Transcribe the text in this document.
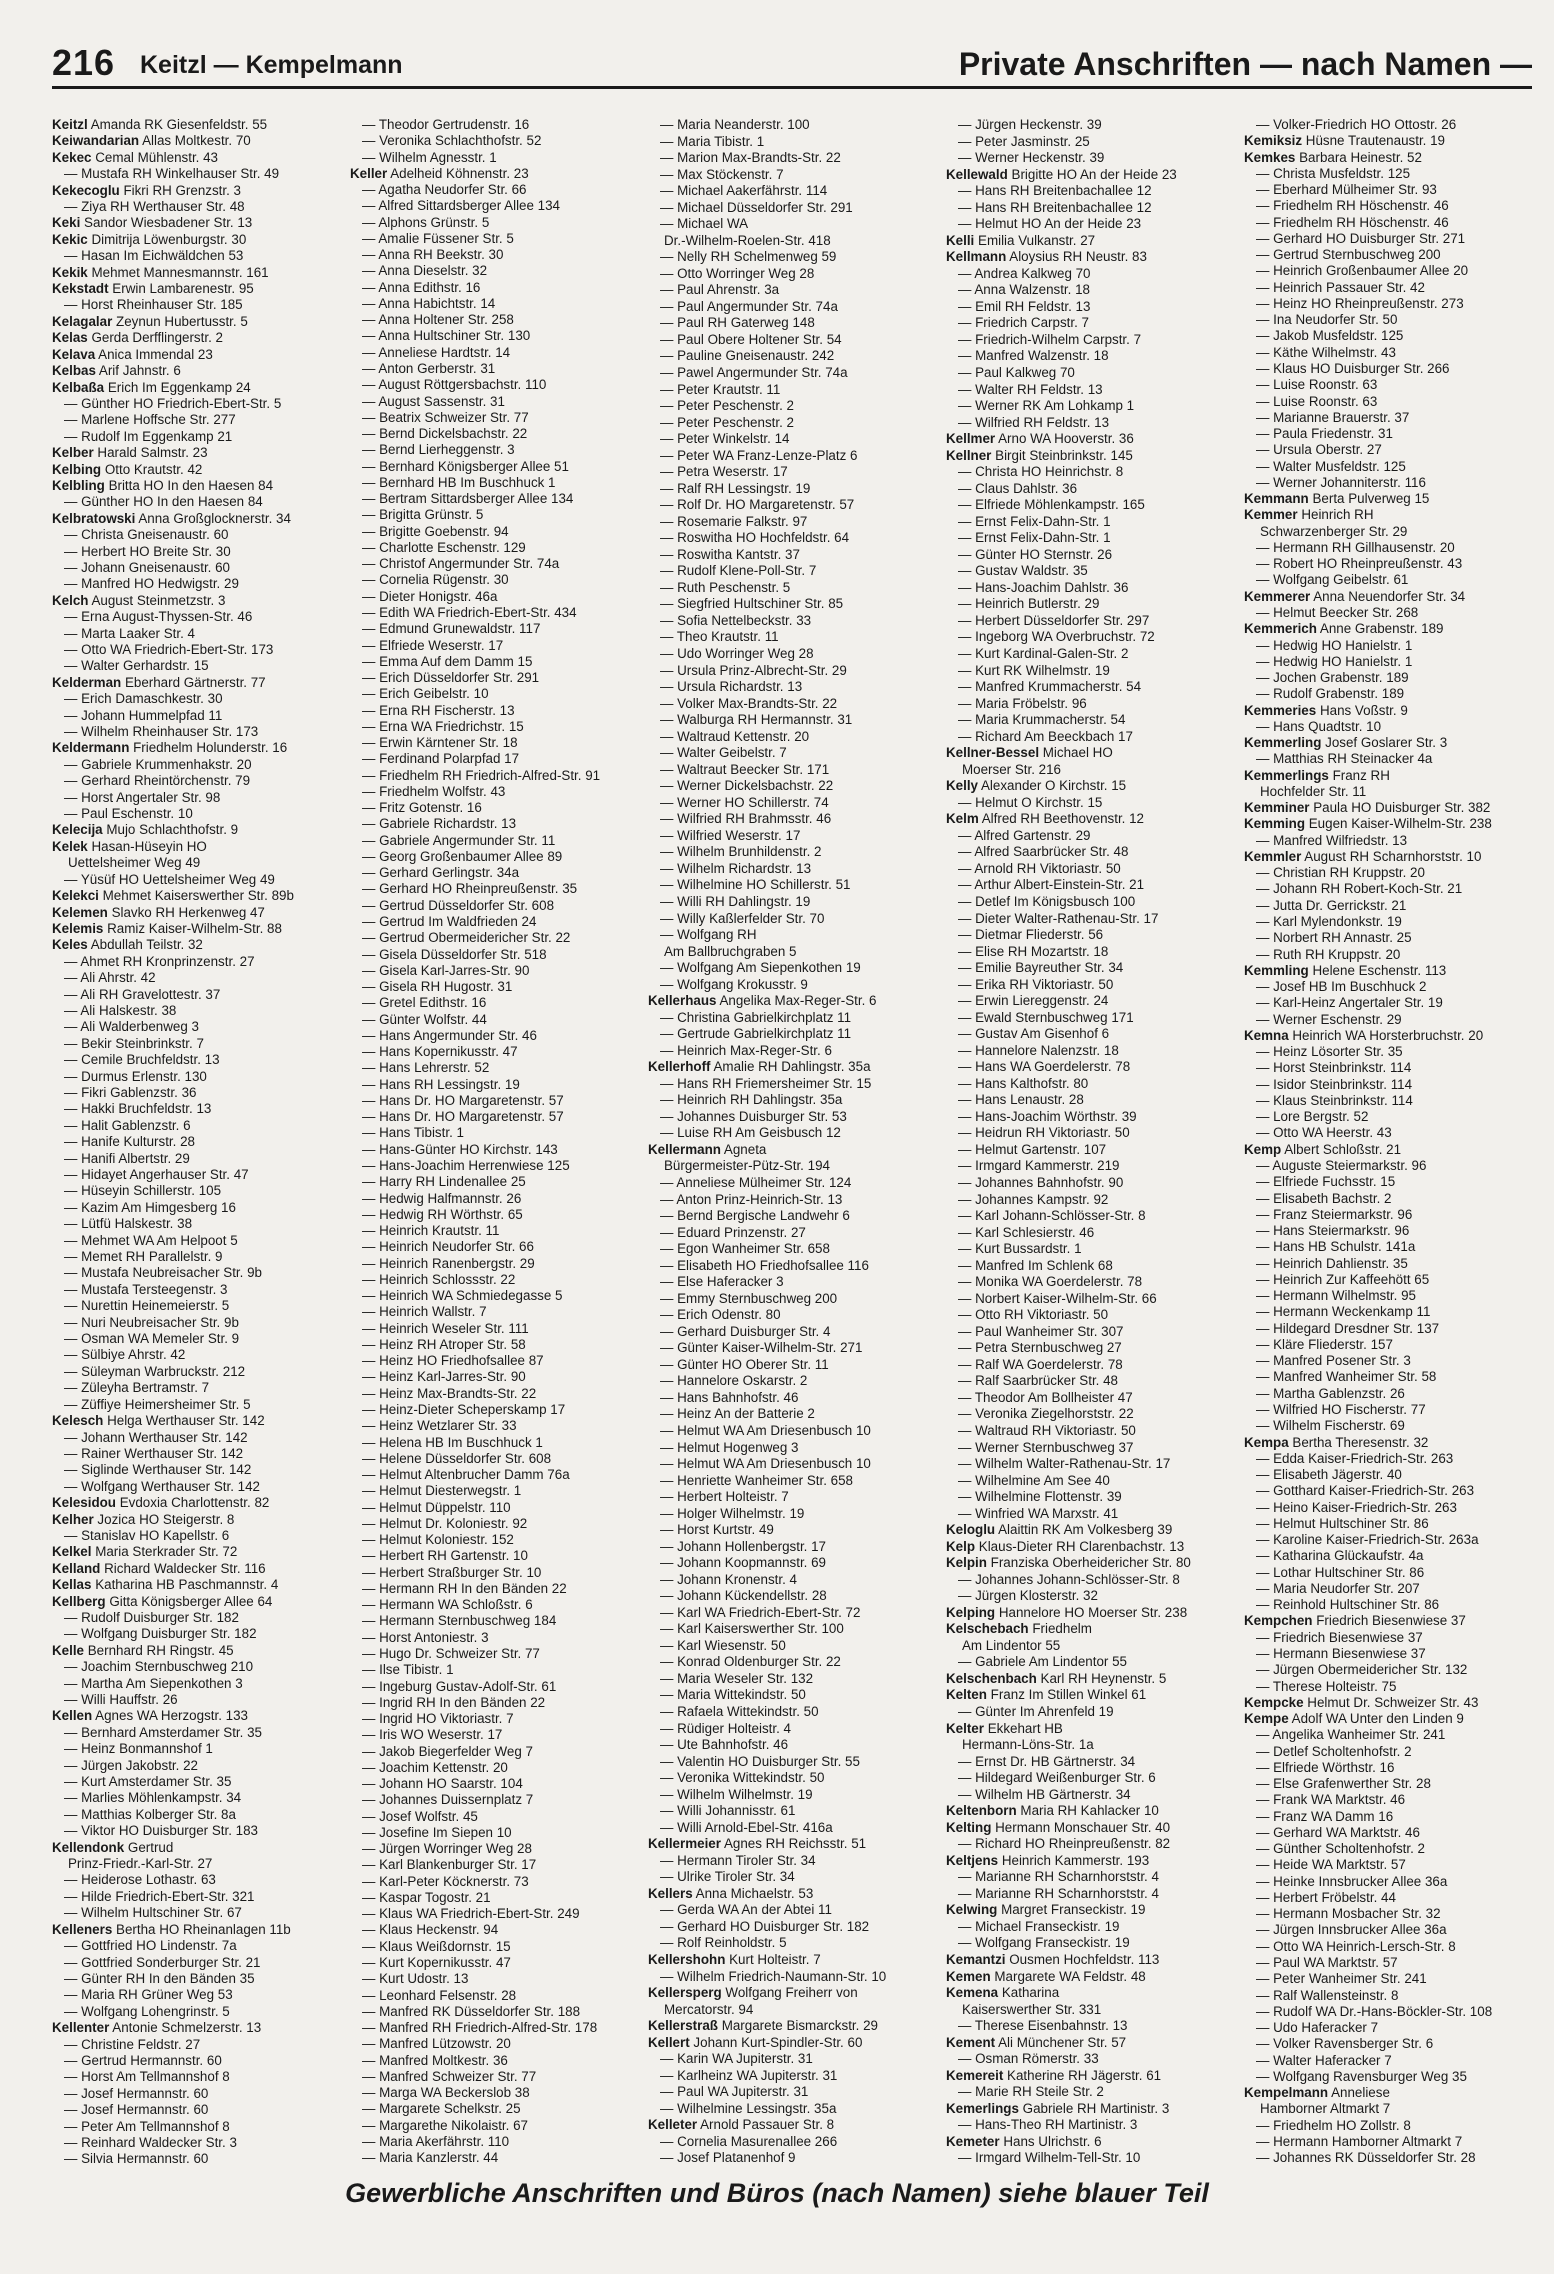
216 Keitzl — Kempelmann	Private Anschriften — nach Namen —
Keitzl Amanda RK Giesenfeldstr. 55
Keiwandarian Allas Moltkestr. 70
Kekec Cemal Mühlenstr. 43
— Mustafa RH Winkelhauser Str. 49
Kekecoglu Fikri RH Grenzstr. 3
— Ziya RH Werthauser Str. 48
Keki Sandor Wiesbadener Str. 13
Kekic Dimitrija Löwenburgstr. 30
— Hasan Im Eichwäldchen 53
Kekik Mehmet Mannesmannstr. 161
Kekstadt Erwin Lambarenestr. 95
— Horst Rheinhauser Str. 185
Kelagalar Zeynun Hubertusstr. 5
Kelas Gerda Derfflingerstr. 2
Kelava Anica Immendal 23
Kelbas Arif Jahnstr. 6
Kelbaßa Erich Im Eggenkamp 24
— Günther HO Friedrich-Ebert-Str. 5
— Marlene Hoffsche Str. 277
— Rudolf Im Eggenkamp 21
Kelber Harald Salmstr. 23
Kelbing Otto Krautstr. 42
Kelbling Britta HO In den Haesen 84
— Günther HO In den Haesen 84
Kelbratowski Anna Großglocknerstr. 34
— Christa Gneisenaustr. 60
— Herbert HO Breite Str. 30
— Johann Gneisenaustr. 60
— Manfred HO Hedwigstr. 29
Kelch August Steinmetzstr. 3
— Erna August-Thyssen-Str. 46
— Marta Laaker Str. 4
— Otto WA Friedrich-Ebert-Str. 173
— Walter Gerhardstr. 15
Kelderman Eberhard Gärtnerstr. 77
— Erich Damaschkestr. 30
— Johann Hummelpfad 11
— Wilhelm Rheinhauser Str. 173
Keldermann Friedhelm Holunderstr. 16
— Gabriele Krummenhakstr. 20
— Gerhard Rheintörchenstr. 79
— Horst Angertaler Str. 98
— Paul Eschenstr. 10
Kelecija Mujo Schlachthofstr. 9
Kelek Hasan-Hüseyin HO
Uettelsheimer Weg 49
— Yüsüf HO Uettelsheimer Weg 49
Kelekci Mehmet Kaiserswerther Str. 89b
Kelemen Slavko RH Herkenweg 47
Kelemis Ramiz Kaiser-Wilhelm-Str. 88
Keles Abdullah Teilstr. 32
— Ahmet RH Kronprinzenstr. 27
— Ali Ahrstr. 42
— Ali RH Gravelottestr. 37
— Ali Halskestr. 38
— Ali Walderbenweg 3
— Bekir Steinbrinkstr. 7
— Cemile Bruchfeldstr. 13
— Durmus Erlenstr. 130
— Fikri Gablenzstr. 36
— Hakki Bruchfeldstr. 13
— Halit Gablenzstr. 6
— Hanife Kulturstr. 28
— Hanifi Albertstr. 29
— Hidayet Angerhauser Str. 47
— Hüseyin Schillerstr. 105
— Kazim Am Himgesberg 16
— Lütfü Halskestr. 38
— Mehmet WA Am Helpoot 5
— Memet RH Parallelstr. 9
— Mustafa Neubreisacher Str. 9b
— Mustafa Tersteegenstr. 3
— Nurettin Heinemeierstr. 5
— Nuri Neubreisacher Str. 9b
— Osman WA Memeler Str. 9
— Sülbiye Ahrstr. 42
— Süleyman Warbruckstr. 212
— Züleyha Bertramstr. 7
— Züffiye Heimersheimer Str. 5
Kelesch Helga Werthauser Str. 142
— Johann Werthauser Str. 142
— Rainer Werthauser Str. 142
— Siglinde Werthauser Str. 142
— Wolfgang Werthauser Str. 142
Kelesidou Evdoxia Charlottenstr. 82
Kelher Jozica HO Steigerstr. 8
— Stanislav HO Kapellstr. 6
Kelkel Maria Sterkrader Str. 72
Kelland Richard Waldecker Str. 116
Kellas Katharina HB Paschmannstr. 4
Kellberg Gitta Königsberger Allee 64
— Rudolf Duisburger Str. 182
— Wolfgang Duisburger Str. 182
Kelle Bernhard RH Ringstr. 45
— Joachim Sternbuschweg 210
— Martha Am Siepenkothen 3
— Willi Hauffstr. 26
Kellen Agnes WA Herzogstr. 133
— Bernhard Amsterdamer Str. 35
— Heinz Bonmannshof 1
— Jürgen Jakobstr. 22
— Kurt Amsterdamer Str. 35
— Marlies Möhlenkampstr. 34
— Matthias Kolberger Str. 8a
— Viktor HO Duisburger Str. 183
Kellendonk Gertrud
Prinz-Friedr.-Karl-Str. 27
— Heiderose Lothastr. 63
— Hilde Friedrich-Ebert-Str. 321
— Wilhelm Hultschiner Str. 67
Kelleners Bertha HO Rheinanlagen 11b
— Gottfried HO Lindenstr. 7a
— Gottfried Sonderburger Str. 21
— Günter RH In den Bänden 35
— Maria RH Grüner Weg 53
— Wolfgang Lohengrinstr. 5
Kellenter Antonie Schmelzerstr. 13
— Christine Feldstr. 27
— Gertrud Hermannstr. 60
— Horst Am Tellmannshof 8
— Josef Hermannstr. 60
— Josef Hermannstr. 60
— Peter Am Tellmannshof 8
— Reinhard Waldecker Str. 3
— Silvia Hermannstr. 60
— Theodor Gertrudenstr. 16
— Veronika Schlachthofstr. 52
— Wilhelm Agnesstr. 1
Keller Adelheid Köhnenstr. 23
— Agatha Neudorfer Str. 66
— Alfred Sittardsberger Allee 134
— Alphons Grünstr. 5
— Amalie Füssener Str. 5
— Anna RH Beekstr. 30
— Anna Dieselstr. 32
— Anna Edithstr. 16
— Anna Habichtstr. 14
— Anna Holtener Str. 258
— Anna Hultschiner Str. 130
— Anneliese Hardtstr. 14
— Anton Gerberstr. 31
— August Röttgersbachstr. 110
— August Sassenstr. 31
— Beatrix Schweizer Str. 77
— Bernd Dickelsbachstr. 22
— Bernd Lierheggenstr. 3
— Bernhard Königsberger Allee 51
— Bernhard HB Im Buschhuck 1
— Bertram Sittardsberger Allee 134
— Brigitta Grünstr. 5
— Brigitte Goebenstr. 94
— Charlotte Eschenstr. 129
— Christof Angermunder Str. 74a
— Cornelia Rügenstr. 30
— Dieter Honigstr. 46a
— Edith WA Friedrich-Ebert-Str. 434
— Edmund Grunewaldstr. 117
— Elfriede Weserstr. 17
— Emma Auf dem Damm 15
— Erich Düsseldorfer Str. 291
— Erich Geibelstr. 10
— Erna RH Fischerstr. 13
— Erna WA Friedrichstr. 15
— Erwin Kärntener Str. 18
— Ferdinand Polarpfad 17
— Friedhelm RH Friedrich-Alfred-Str. 91
— Friedhelm Wolfstr. 43
— Fritz Gotenstr. 16
— Gabriele Richardstr. 13
— Gabriele Angermunder Str. 11
— Georg Großenbaumer Allee 89
— Gerhard Gerlingstr. 34a
— Gerhard HO Rheinpreußenstr. 35
— Gertrud Düsseldorfer Str. 608
— Gertrud Im Waldfrieden 24
— Gertrud Obermeidericher Str. 22
— Gisela Düsseldorfer Str. 518
— Gisela Karl-Jarres-Str. 90
— Gisela RH Hugostr. 31
— Gretel Edithstr. 16
— Günter Wolfstr. 44
— Hans Angermunder Str. 46
— Hans Kopernikusstr. 47
— Hans Lehrerstr. 52
— Hans RH Lessingstr. 19
— Hans Dr. HO Margaretenstr. 57
— Hans Dr. HO Margaretenstr. 57
— Hans Tibistr. 1
— Hans-Günter HO Kirchstr. 143
— Hans-Joachim Herrenwiese 125
— Harry RH Lindenallee 25
— Hedwig Halfmannstr. 26
— Hedwig RH Wörthstr. 65
— Heinrich Krautstr. 11
— Heinrich Neudorfer Str. 66
— Heinrich Ranenbergstr. 29
— Heinrich Schlossstr. 22
— Heinrich WA Schmiedegasse 5
— Heinrich Wallstr. 7
— Heinrich Weseler Str. 111
— Heinz RH Atroper Str. 58
— Heinz HO Friedhofsallee 87
— Heinz Karl-Jarres-Str. 90
— Heinz Max-Brandts-Str. 22
— Heinz-Dieter Scheperskamp 17
— Heinz Wetzlarer Str. 33
— Helena HB Im Buschhuck 1
— Helene Düsseldorfer Str. 608
— Helmut Altenbrucher Damm 76a
— Helmut Diesterwegstr. 1
— Helmut Düppelstr. 110
— Helmut Dr. Koloniestr. 92
— Helmut Koloniestr. 152
— Herbert RH Gartenstr. 10
— Herbert Straßburger Str. 10
— Hermann RH In den Bänden 22
— Hermann WA Schloßstr. 6
— Hermann Sternbuschweg 184
— Horst Antoniestr. 3
— Hugo Dr. Schweizer Str. 77
— Ilse Tibistr. 1
— Ingeburg Gustav-Adolf-Str. 61
— Ingrid RH In den Bänden 22
— Ingrid HO Viktoriastr. 7
— Iris WO Weserstr. 17
— Jakob Biegerfelder Weg 7
— Joachim Kettenstr. 20
— Johann HO Saarstr. 104
— Johannes Duissernplatz 7
— Josef Wolfstr. 45
— Josefine Im Siepen 10
— Jürgen Worringer Weg 28
— Karl Blankenburger Str. 17
— Karl-Peter Köcknerstr. 73
— Kaspar Togostr. 21
— Klaus WA Friedrich-Ebert-Str. 249
— Klaus Heckenstr. 94
— Klaus Weißdornstr. 15
— Kurt Kopernikusstr. 47
— Kurt Udostr. 13
— Leonhard Felsenstr. 28
— Manfred RK Düsseldorfer Str. 188
— Manfred RH Friedrich-Alfred-Str. 178
— Manfred Lützowstr. 20
— Manfred Moltkestr. 36
— Manfred Schweizer Str. 77
— Marga WA Beckerslob 38
— Margarete Schelkstr. 25
— Margarethe Nikolaistr. 67
— Maria Akerfährstr. 110
— Maria Kanzlerstr. 44
— Maria Neanderstr. 100
— Maria Tibistr. 1
— Marion Max-Brandts-Str. 22
— Max Stöckenstr. 7
— Michael Aakerfährstr. 114
— Michael Düsseldorfer Str. 291
— Michael WA
Dr.-Wilhelm-Roelen-Str. 418
— Nelly RH Schelmenweg 59
— Otto Worringer Weg 28
— Paul Ahrenstr. 3a
— Paul Angermunder Str. 74a
— Paul RH Gaterweg 148
— Paul Obere Holtener Str. 54
— Pauline Gneisenaustr. 242
— Pawel Angermunder Str. 74a
— Peter Krautstr. 11
— Peter Peschenstr. 2
— Peter Peschenstr. 2
— Peter Winkelstr. 14
— Peter WA Franz-Lenze-Platz 6
— Petra Weserstr. 17
— Ralf RH Lessingstr. 19
— Rolf Dr. HO Margaretenstr. 57
— Rosemarie Falkstr. 97
— Roswitha HO Hochfeldstr. 64
— Roswitha Kantstr. 37
— Rudolf Klene-Poll-Str. 7
— Ruth Peschenstr. 5
— Siegfried Hultschiner Str. 85
— Sofia Nettelbeckstr. 33
— Theo Krautstr. 11
— Udo Worringer Weg 28
— Ursula Prinz-Albrecht-Str. 29
— Ursula Richardstr. 13
— Volker Max-Brandts-Str. 22
— Walburga RH Hermannstr. 31
— Waltraud Kettenstr. 20
— Walter Geibelstr. 7
— Waltraut Beecker Str. 171
— Werner Dickelsbachstr. 22
— Werner HO Schillerstr. 74
— Wilfried RH Brahmsstr. 46
— Wilfried Weserstr. 17
— Wilhelm Brunhildenstr. 2
— Wilhelm Richardstr. 13
— Wilhelmine HO Schillerstr. 51
— Willi RH Dahlingstr. 19
— Willy Kaßlerfelder Str. 70
— Wolfgang RH
Am Ballbruchgraben 5
— Wolfgang Am Siepenkothen 19
— Wolfgang Krokusstr. 9
Kellerhaus Angelika Max-Reger-Str. 6
— Christina Gabrielkirchplatz 11
— Gertrude Gabrielkirchplatz 11
— Heinrich Max-Reger-Str. 6
Kellerhoff Amalie RH Dahlingstr. 35a
— Hans RH Friemersheimer Str. 15
— Heinrich RH Dahlingstr. 35a
— Johannes Duisburger Str. 53
— Luise RH Am Geisbusch 12
Kellermann Agneta
Bürgermeister-Pütz-Str. 194
— Anneliese Mülheimer Str. 124
— Anton Prinz-Heinrich-Str. 13
— Bernd Bergische Landwehr 6
— Eduard Prinzenstr. 27
— Egon Wanheimer Str. 658
— Elisabeth HO Friedhofsallee 116
— Else Haferacker 3
— Emmy Sternbuschweg 200
— Erich Odenstr. 80
— Gerhard Duisburger Str. 4
— Günter Kaiser-Wilhelm-Str. 271
— Günter HO Oberer Str. 11
— Hannelore Oskarstr. 2
— Hans Bahnhofstr. 46
— Heinz An der Batterie 2
— Helmut WA Am Driesenbusch 10
— Helmut Hogenweg 3
— Helmut WA Am Driesenbusch 10
— Henriette Wanheimer Str. 658
— Herbert Holteistr. 7
— Holger Wilhelmstr. 19
— Horst Kurtstr. 49
— Johann Hollenbergstr. 17
— Johann Koopmannstr. 69
— Johann Kronenstr. 4
— Johann Kückendellstr. 28
— Karl WA Friedrich-Ebert-Str. 72
— Karl Kaiserswerther Str. 100
— Karl Wiesenstr. 50
— Konrad Oldenburger Str. 22
— Maria Weseler Str. 132
— Maria Wittekindstr. 50
— Rafaela Wittekindstr. 50
— Rüdiger Holteistr. 4
— Ute Bahnhofstr. 46
— Valentin HO Duisburger Str. 55
— Veronika Wittekindstr. 50
— Wilhelm Wilhelmstr. 19
— Willi Johannisstr. 61
— Willi Arnold-Ebel-Str. 416a
Kellermeier Agnes RH Reichsstr. 51
— Hermann Tiroler Str. 34
— Ulrike Tiroler Str. 34
Kellers Anna Michaelstr. 53
— Gerda WA An der Abtei 11
— Gerhard HO Duisburger Str. 182
— Rolf Reinholdstr. 5
Kellershohn Kurt Holteistr. 7
— Wilhelm Friedrich-Naumann-Str. 10
Kellersperg Wolfgang Freiherr von
Mercatorstr. 94
Kellerstraß Margarete Bismarckstr. 29
Kellert Johann Kurt-Spindler-Str. 60
— Karin WA Jupiterstr. 31
— Karlheinz WA Jupiterstr. 31
— Paul WA Jupiterstr. 31
— Wilhelmine Lessingstr. 35a
Kelleter Arnold Passauer Str. 8
— Cornelia Masurenallee 266
— Josef Platanenhof 9
— Jürgen Heckenstr. 39
— Peter Jasminstr. 25
— Werner Heckenstr. 39
Kellewald Brigitte HO An der Heide 23
— Hans RH Breitenbachallee 12
— Hans RH Breitenbachallee 12
— Helmut HO An der Heide 23
Kelli Emilia Vulkanstr. 27
Kellmann Aloysius RH Neustr. 83
— Andrea Kalkweg 70
— Anna Walzenstr. 18
— Emil RH Feldstr. 13
— Friedrich Carpstr. 7
— Friedrich-Wilhelm Carpstr. 7
— Manfred Walzenstr. 18
— Paul Kalkweg 70
— Walter RH Feldstr. 13
— Werner RK Am Lohkamp 1
— Wilfried RH Feldstr. 13
Kellmer Arno WA Hooverstr. 36
Kellner Birgit Steinbrinkstr. 145
— Christa HO Heinrichstr. 8
— Claus Dahlstr. 36
— Elfriede Möhlenkampstr. 165
— Ernst Felix-Dahn-Str. 1
— Ernst Felix-Dahn-Str. 1
— Günter HO Sternstr. 26
— Gustav Waldstr. 35
— Hans-Joachim Dahlstr. 36
— Heinrich Butlerstr. 29
— Herbert Düsseldorfer Str. 297
— Ingeborg WA Overbruchstr. 72
— Kurt Kardinal-Galen-Str. 2
— Kurt RK Wilhelmstr. 19
— Manfred Krummacherstr. 54
— Maria Fröbelstr. 96
— Maria Krummacherstr. 54
— Richard Am Beeckbach 17
Kellner-Bessel Michael HO
Moerser Str. 216
Kelly Alexander O Kirchstr. 15
— Helmut O Kirchstr. 15
Kelm Alfred RH Beethovenstr. 12
— Alfred Gartenstr. 29
— Alfred Saarbrücker Str. 48
— Arnold RH Viktoriastr. 50
— Arthur Albert-Einstein-Str. 21
— Detlef Im Königsbusch 100
— Dieter Walter-Rathenau-Str. 17
— Dietmar Fliederstr. 56
— Elise RH Mozartstr. 18
— Emilie Bayreuther Str. 34
— Erika RH Viktoriastr. 50
— Erwin Liereggenstr. 24
— Ewald Sternbuschweg 171
— Gustav Am Gisenhof 6
— Hannelore Nalenzstr. 18
— Hans WA Goerdelerstr. 78
— Hans Kalthofstr. 80
— Hans Lenaustr. 28
— Hans-Joachim Wörthstr. 39
— Heidrun RH Viktoriastr. 50
— Helmut Gartenstr. 107
— Irmgard Kammerstr. 219
— Johannes Bahnhofstr. 90
— Johannes Kampstr. 92
— Karl Johann-Schlösser-Str. 8
— Karl Schlesierstr. 46
— Kurt Bussardstr. 1
— Manfred Im Schlenk 68
— Monika WA Goerdelerstr. 78
— Norbert Kaiser-Wilhelm-Str. 66
— Otto RH Viktoriastr. 50
— Paul Wanheimer Str. 307
— Petra Sternbuschweg 27
— Ralf WA Goerdelerstr. 78
— Ralf Saarbrücker Str. 48
— Theodor Am Bollheister 47
— Veronika Ziegelhorststr. 22
— Waltraud RH Viktoriastr. 50
— Werner Sternbuschweg 37
— Wilhelm Walter-Rathenau-Str. 17
— Wilhelmine Am See 40
— Wilhelmine Flottenstr. 39
— Winfried WA Marxstr. 41
Keloglu Alaittin RK Am Volkesberg 39
Kelp Klaus-Dieter RH Clarenbachstr. 13
Kelpin Franziska Oberheidericher Str. 80
— Johannes Johann-Schlösser-Str. 8
— Jürgen Klosterstr. 32
Kelping Hannelore HO Moerser Str. 238
Kelschebach Friedhelm
Am Lindentor 55
— Gabriele Am Lindentor 55
Kelschenbach Karl RH Heynenstr. 5
Kelten Franz Im Stillen Winkel 61
— Günter Im Ahrenfeld 19
Kelter Ekkehart HB
Hermann-Löns-Str. 1a
— Ernst Dr. HB Gärtnerstr. 34
— Hildegard Weißenburger Str. 6
— Wilhelm HB Gärtnerstr. 34
Keltenborn Maria RH Kahlacker 10
Kelting Hermann Monschauer Str. 40
— Richard HO Rheinpreußenstr. 82
Keltjens Heinrich Kammerstr. 193
— Marianne RH Scharnhorststr. 4
— Marianne RH Scharnhorststr. 4
Kelwing Margret Franseckistr. 19
— Michael Franseckistr. 19
— Wolfgang Franseckistr. 19
Kemantzi Ousmen Hochfeldstr. 113
Kemen Margarete WA Feldstr. 48
Kemena Katharina
Kaiserswerther Str. 331
— Therese Eisenbahnstr. 13
Kement Ali Münchener Str. 57
— Osman Römerstr. 33
Kemereit Katherine RH Jägerstr. 61
— Marie RH Steile Str. 2
Kemerlings Gabriele RH Martinistr. 3
— Hans-Theo RH Martinistr. 3
Kemeter Hans Ulrichstr. 6
— Irmgard Wilhelm-Tell-Str. 10
— Volker-Friedrich HO Ottostr. 26
Kemiksiz Hüsne Trautenaustr. 19
Kemkes Barbara Heinestr. 52
— Christa Musfeldstr. 125
— Eberhard Mülheimer Str. 93
— Friedhelm RH Höschenstr. 46
— Friedhelm RH Höschenstr. 46
— Gerhard HO Duisburger Str. 271
— Gertrud Sternbuschweg 200
— Heinrich Großenbaumer Allee 20
— Heinrich Passauer Str. 42
— Heinz HO Rheinpreußenstr. 273
— Ina Neudorfer Str. 50
— Jakob Musfeldstr. 125
— Käthe Wilhelmstr. 43
— Klaus HO Duisburger Str. 266
— Luise Roonstr. 63
— Luise Roonstr. 63
— Marianne Brauerstr. 37
— Paula Friedenstr. 31
— Ursula Oberstr. 27
— Walter Musfeldstr. 125
— Werner Johanniterstr. 116
Kemmann Berta Pulverweg 15
Kemmer Heinrich RH
Schwarzenberger Str. 29
— Hermann RH Gillhausenstr. 20
— Robert HO Rheinpreußenstr. 43
— Wolfgang Geibelstr. 61
Kemmerer Anna Neuendorfer Str. 34
— Helmut Beecker Str. 268
Kemmerich Anne Grabenstr. 189
— Hedwig HO Hanielstr. 1
— Hedwig HO Hanielstr. 1
— Jochen Grabenstr. 189
— Rudolf Grabenstr. 189
Kemmeries Hans Voßstr. 9
— Hans Quadtstr. 10
Kemmerling Josef Goslarer Str. 3
— Matthias RH Steinacker 4a
Kemmerlings Franz RH
Hochfelder Str. 11
Kemminer Paula HO Duisburger Str. 382
Kemming Eugen Kaiser-Wilhelm-Str. 238
— Manfred Wilfriedstr. 13
Kemmler August RH Scharnhorststr. 10
— Christian RH Kruppstr. 20
— Johann RH Robert-Koch-Str. 21
— Jutta Dr. Gerrickstr. 21
— Karl Mylendonkstr. 19
— Norbert RH Annastr. 25
— Ruth RH Kruppstr. 20
Kemmling Helene Eschenstr. 113
— Josef HB Im Buschhuck 2
— Karl-Heinz Angertaler Str. 19
— Werner Eschenstr. 29
Kemna Heinrich WA Horsterbruchstr. 20
— Heinz Lösorter Str. 35
— Horst Steinbrinkstr. 114
— Isidor Steinbrinkstr. 114
— Klaus Steinbrinkstr. 114
— Lore Bergstr. 52
— Otto WA Heerstr. 43
Kemp Albert Schloßstr. 21
— Auguste Steiermarkstr. 96
— Elfriede Fuchsstr. 15
— Elisabeth Bachstr. 2
— Franz Steiermarkstr. 96
— Hans Steiermarkstr. 96
— Hans HB Schulstr. 141a
— Heinrich Dahlienstr. 35
— Heinrich Zur Kaffeehött 65
— Hermann Wilhelmstr. 95
— Hermann Weckenkamp 11
— Hildegard Dresdner Str. 137
— Kläre Fliederstr. 157
— Manfred Posener Str. 3
— Manfred Wanheimer Str. 58
— Martha Gablenzstr. 26
— Wilfried HO Fischerstr. 77
— Wilhelm Fischerstr. 69
Kempa Bertha Theresenstr. 32
— Edda Kaiser-Friedrich-Str. 263
— Elisabeth Jägerstr. 40
— Gotthard Kaiser-Friedrich-Str. 263
— Heino Kaiser-Friedrich-Str. 263
— Helmut Hultschiner Str. 86
— Karoline Kaiser-Friedrich-Str. 263a
— Katharina Glückaufstr. 4a
— Lothar Hultschiner Str. 86
— Maria Neudorfer Str. 207
— Reinhold Hultschiner Str. 86
Kempchen Friedrich Biesenwiese 37
— Friedrich Biesenwiese 37
— Hermann Biesenwiese 37
— Jürgen Obermeidericher Str. 132
— Therese Holteistr. 75
Kempcke Helmut Dr. Schweizer Str. 43
Kempe Adolf WA Unter den Linden 9
— Angelika Wanheimer Str. 241
— Detlef Scholtenhofstr. 2
— Elfriede Wörthstr. 16
— Else Grafenwerther Str. 28
— Frank WA Marktstr. 46
— Franz WA Damm 16
— Gerhard WA Marktstr. 46
— Günther Scholtenhofstr. 2
— Heide WA Marktstr. 57
— Heinke Innsbrucker Allee 36a
— Herbert Fröbelstr. 44
— Hermann Mosbacher Str. 32
— Jürgen Innsbrucker Allee 36a
— Otto WA Heinrich-Lersch-Str. 8
— Paul WA Marktstr. 57
— Peter Wanheimer Str. 241
— Ralf Wallensteinstr. 8
— Rudolf WA Dr.-Hans-Böckler-Str. 108
— Udo Haferacker 7
— Volker Ravensberger Str. 6
— Walter Haferacker 7
— Wolfgang Ravensburger Weg 35
Kempelmann Anneliese
Hamborner Altmarkt 7
— Friedhelm HO Zollstr. 8
— Hermann Hamborner Altmarkt 7
— Johannes RK Düsseldorfer Str. 28
Gewerbliche Anschriften und Büros (nach Namen) siehe blauer Teil
